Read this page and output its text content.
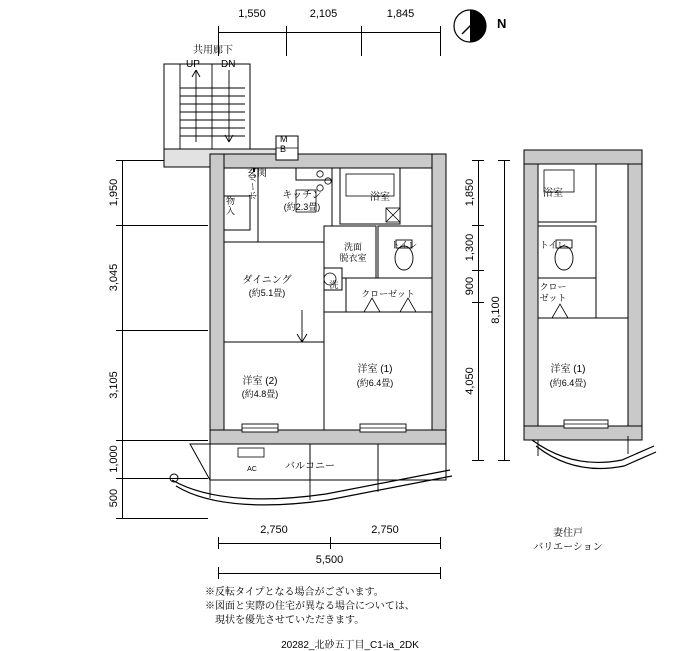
1,550	2,105	1,845
N
1,950
3,045
3,105
1,000
500
1,850
1,300
900
4,050
8,100
2,750	2,750
5,500
共用廊下
UP DN
M
B
玄関
物
入
ホール	キッチン
(約2.3畳)
浴室
洗面
脱衣室
トイレ
洗
クローゼット
ダイニング
(約5.1畳)
洋室 (2)
(約4.8畳)
洋室 (1)
(約6.4畳)
バルコニー
AC
浴室
トイレ
クロー
ゼット
洋室 (1)
(約6.4畳)
妻住戸
バリエーション
※反転タイプとなる場合がございます。
※図面と実際の住宅が異なる場合については、
　現状を優先させていただきます。
20282_北砂五丁目_C1-ia_2DK
